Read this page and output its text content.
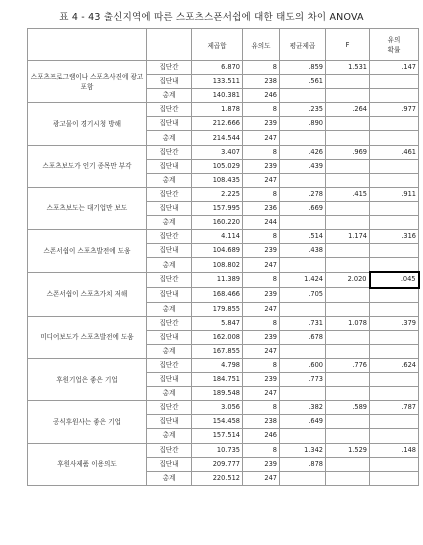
표 4 - 43 출신지역에 따른 스포츠스폰서쉽에 대한 태도의 차이 ANOVA
		제곱합	유의도	평균제곱	F	유의
확률
스포츠프로그램이나 스포츠사진에 광고포함	집단간	6.870	8	.859	1.531	.147
	집단내	133.511	238	.561		
	총계	140.381	246			
광고물이 경기시청 방해	집단간	1.878	8	.235	.264	.977
	집단내	212.666	239	.890		
	총계	214.544	247			
스포츠보도가 인기 종목만 부각	집단간	3.407	8	.426	.969	.461
	집단내	105.029	239	.439		
	총계	108.435	247			
스포츠보도는 대기업만 보도	집단간	2.225	8	.278	.415	.911
	집단내	157.995	236	.669		
	총계	160.220	244			
스폰서쉽이 스포츠발전에 도움	집단간	4.114	8	.514	1.174	.316
	집단내	104.689	239	.438		
	총계	108.802	247			
스폰서쉽이 스포츠가치 저해	집단간	11.389	8	1.424	2.020	.045
	집단내	168.466	239	.705		
	총계	179.855	247			
미디어보도가 스포츠발전에 도움	집단간	5.847	8	.731	1.078	.379
	집단내	162.008	239	.678		
	총계	167.855	247			
후원기업은 좋은 기업	집단간	4.798	8	.600	.776	.624
	집단내	184.751	239	.773		
	총계	189.548	247			
공식후원사는 좋은 기업	집단간	3.056	8	.382	.589	.787
	집단내	154.458	238	.649		
	총계	157.514	246			
후원사제품 이용의도	집단간	10.735	8	1.342	1.529	.148
	집단내	209.777	239	.878		
	총계	220.512	247			
